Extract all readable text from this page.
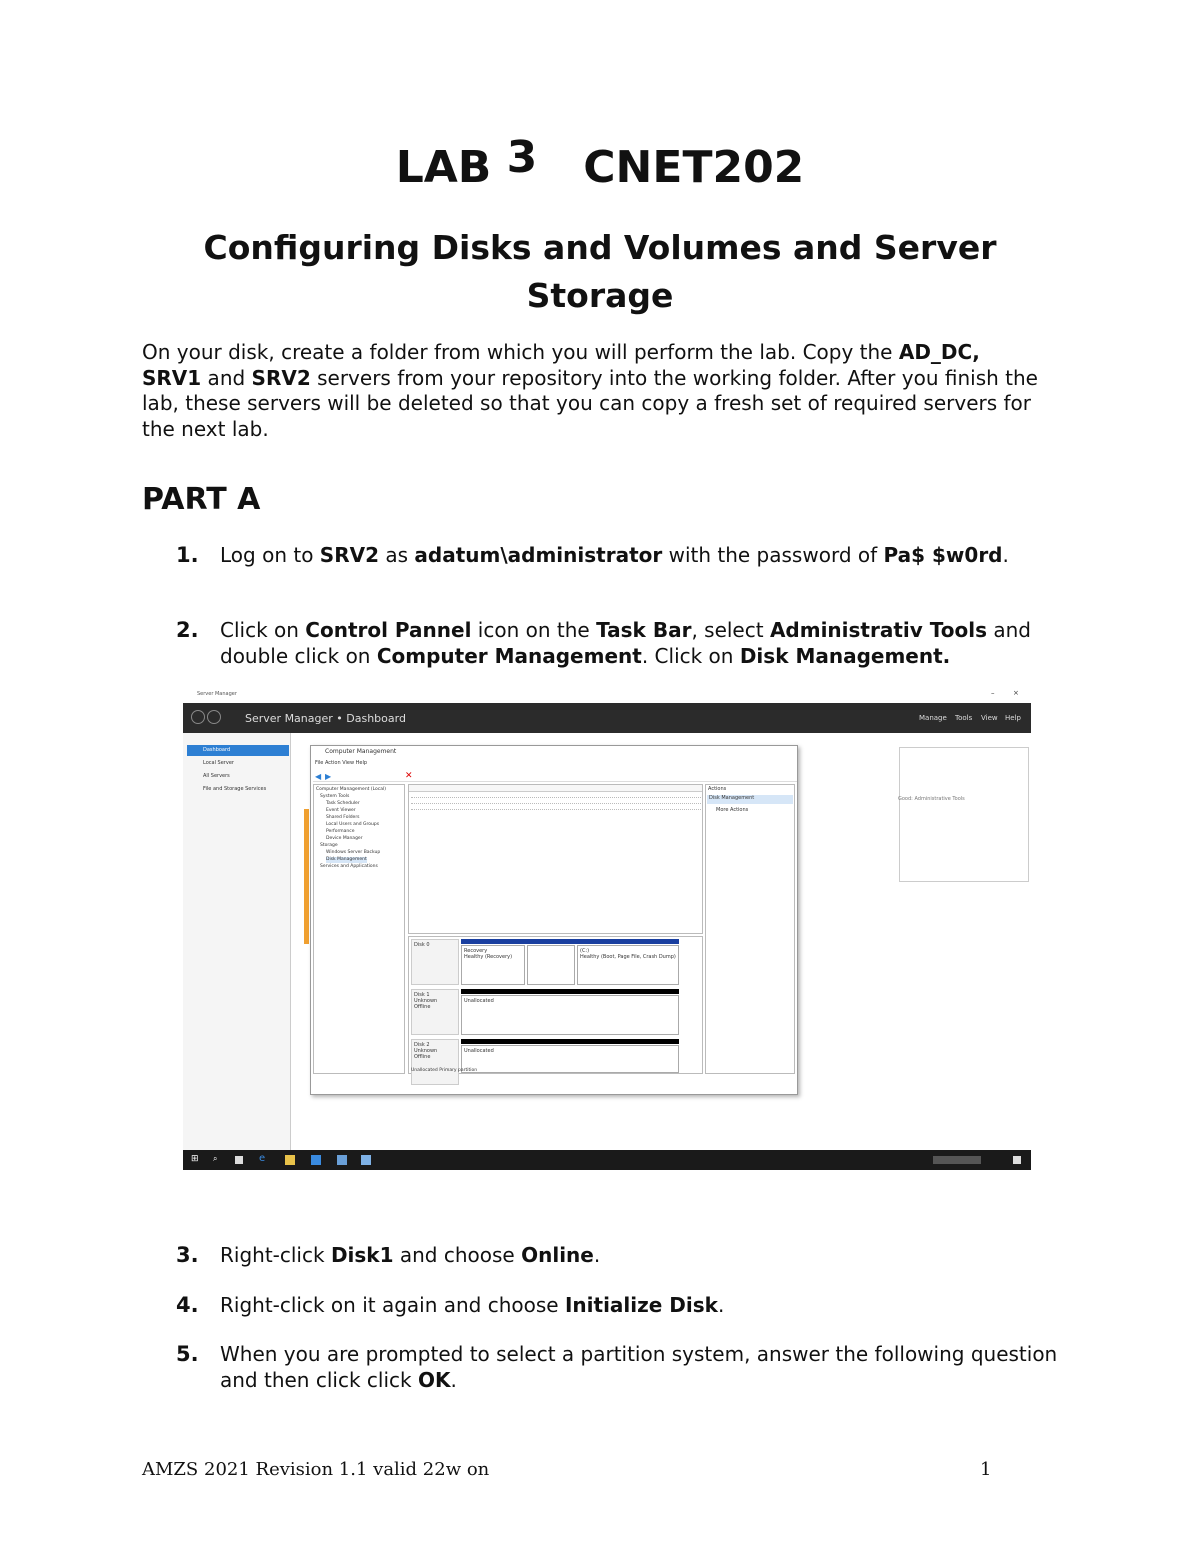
LAB 3 CNET202
Configuring Disks and Volumes and Server Storage
On your disk, create a folder from which you will perform the lab. Copy the AD_DC,
SRV1 and SRV2 servers from your repository into the working folder. After you finish the lab, these servers will be deleted so that you can copy a fresh set of required servers for the next lab.
PART A
1. Log on to SRV2 as adatum\administrator with the password of Pa$ $w0rd.
2. Click on Control Pannel icon on the Task Bar, select Administrativ Tools and double click on Computer Management. Click on Disk Management.
Server Manager	–	×
Server Manager • Dashboard	Manage Tools View Help
Dashboard
Local Server
All Servers
File and Storage Services
Good: Administrative Tools
Computer Management
File Action View Help
◀ ▶	✕
Computer Management (Local)
System Tools
Task Scheduler
Event Viewer
Shared Folders
Local Users and Groups
Performance
Device Manager
Storage
Windows Server Backup
Disk Management
Services and Applications
Disk 0
Recovery
Healthy (Recovery)
(C:)
Healthy (Boot, Page File, Crash Dump)
Disk 1
Unknown
Offline
Unallocated
Disk 2
Unknown
Offline
Unallocated
Unallocated Primary partition
Actions
Disk Management
More Actions
⊞	⌕	e
3. Right-click Disk1 and choose Online.
4. Right-click on it again and choose Initialize Disk.
5. When you are prompted to select a partition system, answer the following question and then click click OK.
AMZS 2021 Revision 1.1 valid 22w on	1
